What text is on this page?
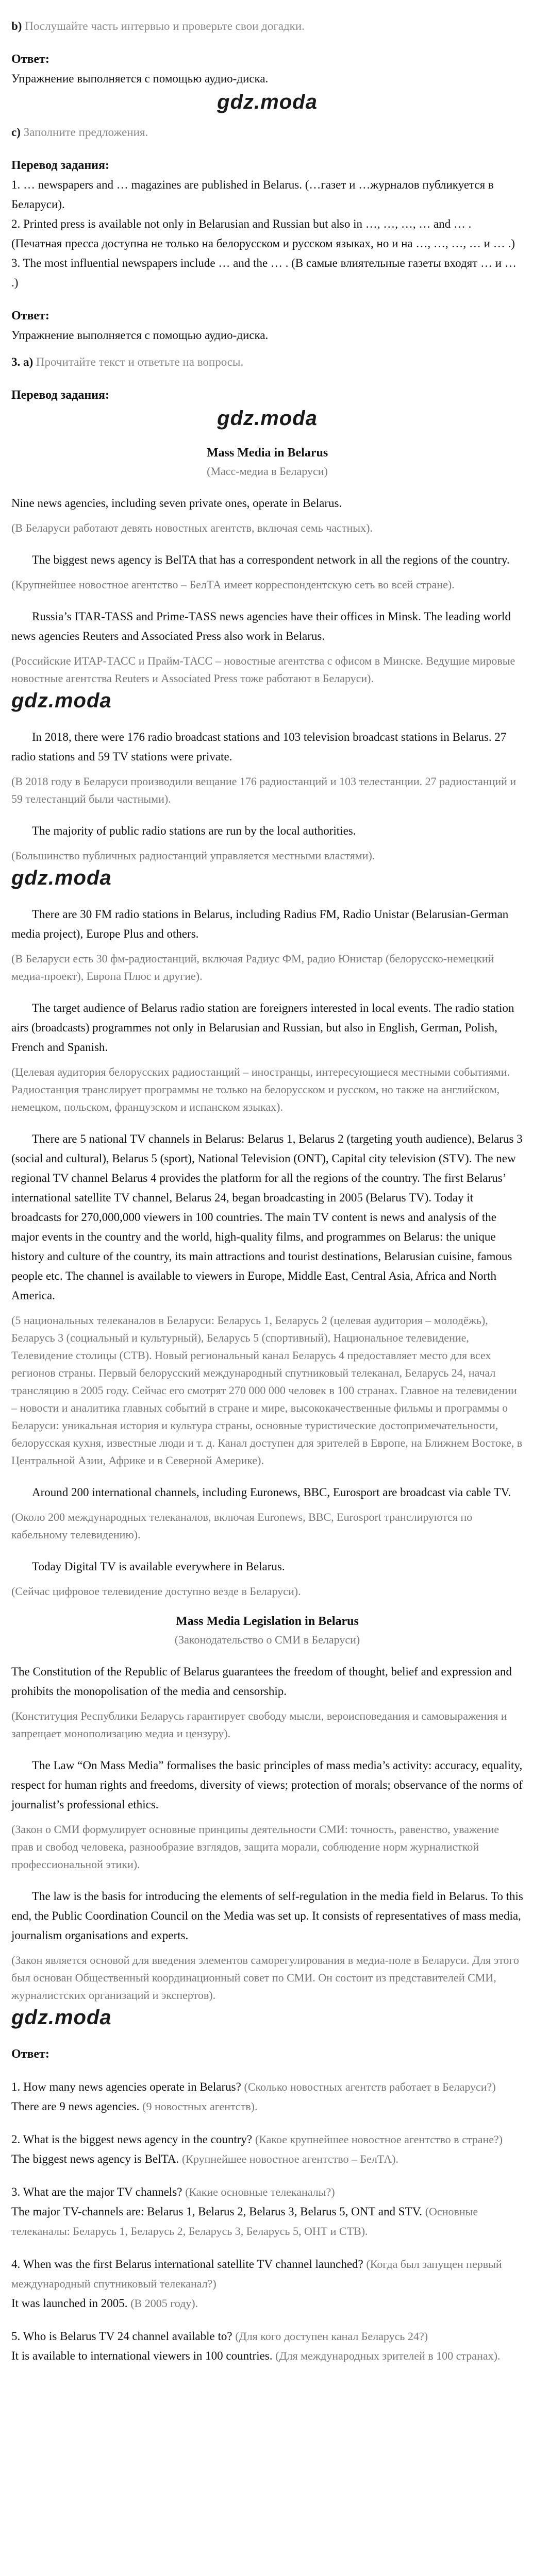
b) Послушайте часть интервью и проверьте свои догадки.

Ответ:

Упражнение выполняется с помощью аудио-диска.

gdz.moda

c) Заполните предложения.

Перевод задания:

1. … newspapers and … magazines are published in Belarus. (…газет и …журналов публикуется в Беларуси).

2. Printed press is available not only in Belarusian and Russian but also in …, …, …, … and … . (Печатная пресса доступна не только на белорусском и русском языках, но и на …, …, …, … и … .)

3. The most influential newspapers include … and the … . (В самые влиятельные газеты входят … и … .)

Ответ:

Упражнение выполняется с помощью аудио-диска.

3. a) Прочитайте текст и ответьте на вопросы.

Перевод задания:

gdz.moda

Mass Media in Belarus

(Масс-медиа в Беларуси)

Nine news agencies, including seven private ones, operate in Belarus.

(В Беларуси работают девять новостных агентств, включая семь частных).

The biggest news agency is BelTA that has a correspondent network in all the regions of the country.

(Крупнейшее новостное агентство – БелТА имеет корреспондентскую сеть во всей стране).

Russia’s ITAR-TASS and Prime-TASS news agencies have their offices in Minsk. The leading world news agencies Reuters and Associated Press also work in Belarus.

(Российские ИТАР-ТАСС и Прайм-ТАСС – новостные агентства с офисом в Минске. Ведущие мировые новостные агентства Reuters и Associated Press тоже работают в Беларуси).

gdz.moda

In 2018, there were 176 radio broadcast stations and 103 television broadcast stations in Belarus. 27 radio stations and 59 TV stations were private.

(В 2018 году в Беларуси производили вещание 176 радиостанций и 103 телестанции. 27 радиостанций и 59 телестанций были частными).

The majority of public radio stations are run by the local authorities.

(Большинство публичных радиостанций управляется местными властями).

gdz.moda

There are 30 FM radio stations in Belarus, including Radius FM, Radio Unistar (Belarusian-German media project), Europe Plus and others.

(В Беларуси есть 30 фм-радиостанций, включая Радиус ФМ, радио Юнистар (белорусско-немецкий медиа-проект), Европа Плюс и другие).

The target audience of Belarus radio station are foreigners interested in local events. The radio station airs (broadcasts) programmes not only in Belarusian and Russian, but also in English, German, Polish, French and Spanish.

(Целевая аудитория белорусских радиостанций – иностранцы, интересующиеся местными событиями. Радиостанция транслирует программы не только на белорусском и русском, но также на английском, немецком, польском, французском и испанском языках).

There are 5 national TV channels in Belarus: Belarus 1, Belarus 2 (targeting youth audience), Belarus 3 (social and cultural), Belarus 5 (sport), National Television (ONT), Capital city television (STV). The new regional TV channel Belarus 4 provides the platform for all the regions of the country. The first Belarus’ international satellite TV channel, Belarus 24, began broadcasting in 2005 (Belarus TV). Today it broadcasts for 270,000,000 viewers in 100 countries. The main TV content is news and analysis of the major events in the country and the world, high-quality films, and programmes on Belarus: the unique history and culture of the country, its main attractions and tourist destinations, Belarusian cuisine, famous people etc. The channel is available to viewers in Europe, Middle East, Central Asia, Africa and North America.

(5 национальных телеканалов в Беларуси: Беларусь 1, Беларусь 2 (целевая аудитория – молодёжь), Беларусь 3 (социальный и культурный), Беларусь 5 (спортивный), Национальное телевидение, Телевидение столицы (СТВ). Новый региональный канал Беларусь 4 предоставляет место для всех регионов страны. Первый белорусский международный спутниковый телеканал, Беларусь 24, начал трансляцию в 2005 году. Сейчас его смотрят 270 000 000 человек в 100 странах. Главное на телевидении – новости и аналитика главных событий в стране и мире, высококачественные фильмы и программы о Беларуси: уникальная история и культура страны, основные туристические достопримечательности, белорусская кухня, известные люди и т. д. Канал доступен для зрителей в Европе, на Ближнем Востоке, в Центральной Азии, Африке и в Северной Америке).

Around 200 international channels, including Euronews, BBC, Eurosport are broadcast via cable TV.

(Около 200 международных телеканалов, включая Euronews, BBC, Eurosport транслируются по кабельному телевидению).

Today Digital TV is available everywhere in Belarus.

(Сейчас цифровое телевидение доступно везде в Беларуси).

Mass Media Legislation in Belarus

(Законодательство о СМИ в Беларуси)

The Constitution of the Republic of Belarus guarantees the freedom of thought, belief and expression and prohibits the monopolisation of the media and censorship.

(Конституция Республики Беларусь гарантирует свободу мысли, вероисповедания и самовыражения и запрещает монополизацию медиа и цензуру).

The Law “On Mass Media” formalises the basic principles of mass media’s activity: accuracy, equality, respect for human rights and freedoms, diversity of views; protection of morals; observance of the norms of journalist’s professional ethics.

(Закон о СМИ формулирует основные принципы деятельности СМИ: точность, равенство, уважение прав и свобод человека, разнообразие взглядов, защита морали, соблюдение норм журналисткой профессиональной этики).

The law is the basis for introducing the elements of self-regulation in the media field in Belarus. To this end, the Public Coordination Council on the Media was set up. It consists of representatives of mass media, journalism organisations and experts.

(Закон является основой для введения элементов саморегулирования в медиа-поле в Беларуси. Для этого был основан Общественный координационный совет по СМИ. Он состоит из представителей СМИ, журналистских организаций и экспертов).

gdz.moda

Ответ:

1. How many news agencies operate in Belarus? (Сколько новостных агентств работает в Беларуси?)

There are 9 news agencies. (9 новостных агентств).

2. What is the biggest news agency in the country? (Какое крупнейшее новостное агентство в стране?)

The biggest news agency is BelTA. (Крупнейшее новостное агентство – БелТА).

3. What are the major TV channels? (Какие основные телеканалы?)

The major TV-channels are: Belarus 1, Belarus 2, Belarus 3, Belarus 5, ONT and STV. (Основные телеканалы: Беларусь 1, Беларусь 2, Беларусь 3, Беларусь 5, ОНТ и СТВ).

4. When was the first Belarus international satellite TV channel launched? (Когда был запущен первый международный спутниковый телеканал?)

It was launched in 2005. (В 2005 году).

5. Who is Belarus TV 24 channel available to? (Для кого доступен канал Беларусь 24?)

It is available to international viewers in 100 countries. (Для международных зрителей в 100 странах).
